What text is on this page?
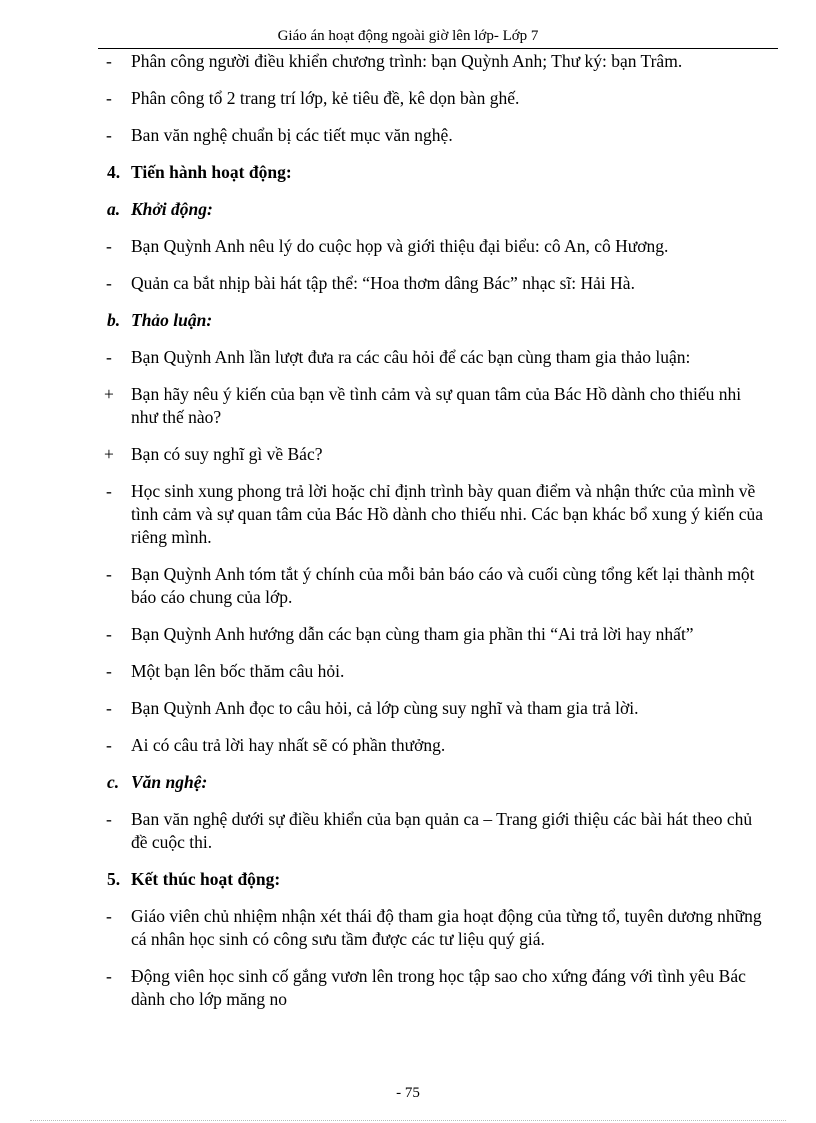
Giáo án hoạt động ngoài giờ lên lớp- Lớp 7
-	Phân công người điều khiển chương trình: bạn Quỳnh Anh; Thư ký: bạn Trâm.
-	Phân công tổ 2 trang trí lớp, kẻ tiêu đề, kê dọn bàn ghế.
-	Ban văn nghệ chuẩn bị các tiết mục văn nghệ.
4. Tiến hành hoạt động:
a. Khởi động:
-	Bạn Quỳnh Anh nêu lý do cuộc họp và giới thiệu đại biểu: cô An, cô Hương.
-	Quản ca bắt nhịp bài hát tập thể: “Hoa thơm dâng Bác” nhạc sĩ: Hải Hà.
b. Thảo luận:
-	Bạn Quỳnh Anh lần lượt đưa ra các câu hỏi để các bạn cùng tham gia thảo luận:
+ Bạn hãy nêu ý kiến của bạn về tình cảm và sự quan tâm của Bác Hồ dành cho thiếu nhi như thế nào?
+ Bạn có suy nghĩ gì về Bác?
-	Học sinh xung phong trả lời hoặc chỉ định trình bày quan điểm và nhận thức của mình về tình cảm và sự quan tâm của Bác Hồ dành cho thiếu nhi. Các bạn khác bổ xung ý kiến của riêng mình.
-	Bạn Quỳnh Anh tóm tắt ý chính của mỗi bản báo cáo và cuối cùng tổng kết lại thành một báo cáo chung của lớp.
-	Bạn Quỳnh Anh hướng dẫn các bạn cùng tham gia phần thi “Ai trả lời hay nhất”
-	Một bạn lên bốc thăm câu hỏi.
-	Bạn Quỳnh Anh đọc to câu hỏi, cả lớp cùng suy nghĩ và tham gia trả lời.
-	Ai có câu trả lời hay nhất sẽ có phần thưởng.
c. Văn nghệ:
-	Ban văn nghệ dưới sự điều khiển của bạn quản ca – Trang giới thiệu các bài hát theo chủ đề cuộc thi.
5. Kết thúc hoạt động:
-	Giáo viên chủ nhiệm nhận xét thái độ tham gia hoạt động của từng tổ, tuyên dương những cá nhân học sinh có công sưu tầm được các tư liệu quý giá.
-	Động viên học sinh cố gắng vươn lên trong học tập sao cho xứng đáng với tình yêu Bác dành cho lớp măng no
- 75
